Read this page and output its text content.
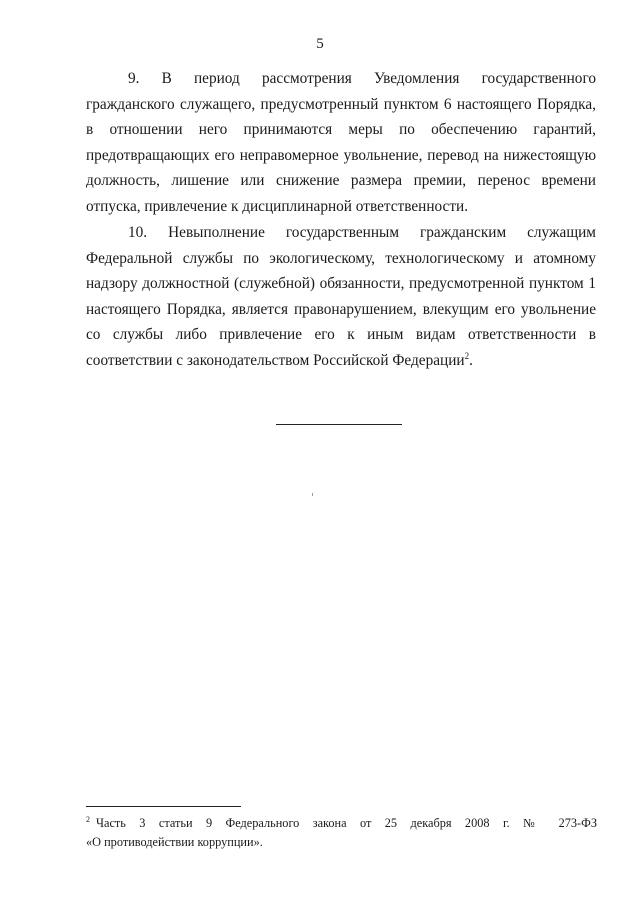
5

9. В период рассмотрения Уведомления государственного гражданского служащего, предусмотренный пунктом 6 настоящего Порядка, в отношении него принимаются меры по обеспечению гарантий, предотвращающих его неправомерное увольнение, перевод на нижестоящую должность, лишение или снижение размера премии, перенос времени отпуска, привлечение к дисциплинарной ответственности.

10. Невыполнение государственным гражданским служащим Федеральной службы по экологическому, технологическому и атомному надзору должностной (служебной) обязанности, предусмотренной пунктом 1 настоящего Порядка, является правонарушением, влекущим его увольнение со службы либо привлечение его к иным видам ответственности в соответствии с законодательством Российской Федерации$^2$.

$^2$ Часть 3 статьи 9 Федерального закона от 25 декабря 2008 г. № 273-ФЗ

«О противодействии коррупции».
